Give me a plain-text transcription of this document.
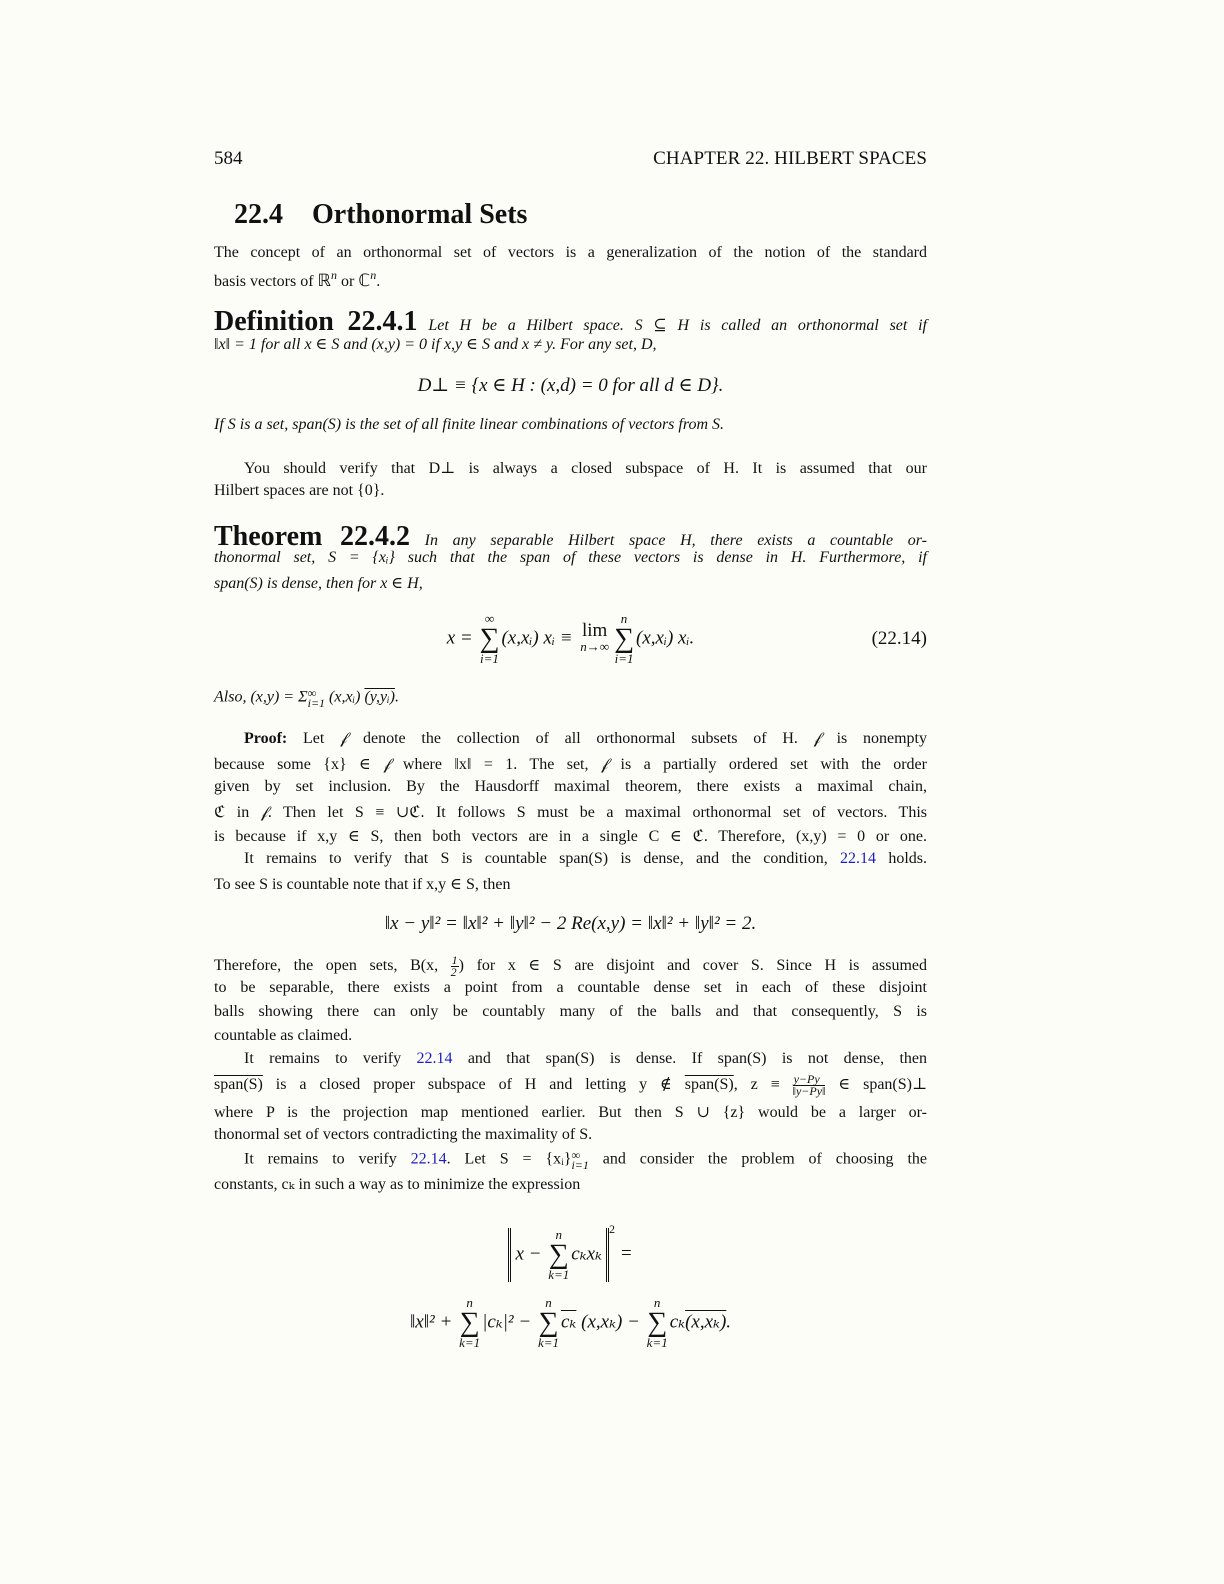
584	CHAPTER 22. HILBERT SPACES
22.4 Orthonormal Sets
The concept of an orthonormal set of vectors is a generalization of the notion of the standard
basis vectors of ℝ$^n$ or ℂ$^n$.
Definition 22.4.1 Let H be a Hilbert space. S ⊆ H is called an orthonormal set if
‖x‖ = 1 for all x ∈ S and (x,y) = 0 if x,y ∈ S and x ≠ y. For any set, D,
D⊥ ≡ {x ∈ H : (x,d) = 0 for all d ∈ D}.
If S is a set, span(S) is the set of all finite linear combinations of vectors from S.
You should verify that D⊥ is always a closed subspace of H. It is assumed that our
Hilbert spaces are not {0}.
Theorem 22.4.2 In any separable Hilbert space H, there exists a countable or-
thonormal set, S = {xᵢ} such that the span of these vectors is dense in H. Furthermore, if
span(S) is dense, then for x ∈ H,
x =
∞
∑
i=1
(x,xᵢ) xᵢ ≡ lim
n→∞
n
∑
i=1
(x,xᵢ) xᵢ.	(22.14)
Also, (x,y) = Σ ∞
i=1 (x,xᵢ) (y,yᵢ).
Proof: Let 𝒻 denote the collection of all orthonormal subsets of H. 𝒻 is nonempty
because some {x} ∈ 𝒻 where ‖x‖ = 1. The set, 𝒻 is a partially ordered set with the order
given by set inclusion. By the Hausdorff maximal theorem, there exists a maximal chain,
ℭ in 𝒻. Then let S ≡ ∪ℭ. It follows S must be a maximal orthonormal set of vectors. This
is because if x,y ∈ S, then both vectors are in a single C ∈ ℭ. Therefore, (x,y) = 0 or one.
It remains to verify that S is countable span(S) is dense, and the condition, 22.14 holds.
To see S is countable note that if x,y ∈ S, then
‖x − y‖² = ‖x‖² + ‖y‖² − 2 Re(x,y) = ‖x‖² + ‖y‖² = 2.
Therefore, the open sets, B(x, $\frac{1}{2}$ ) for x ∈ S are disjoint and cover S. Since H is assumed
to be separable, there exists a point from a countable dense set in each of these disjoint
balls showing there can only be countably many of the balls and that consequently, S is
countable as claimed.
It remains to verify 22.14 and that span(S) is dense. If span(S) is not dense, then
span(S) is a closed proper subspace of H and letting y ∉ span(S), $z \equiv \frac{y-Py}{‖y-Py‖}$ ∈ span(S)⊥
where P is the projection map mentioned earlier. But then S ∪ {z} would be a larger or-
thonormal set of vectors contradicting the maximality of S.
It remains to verify 22.14. Let S = {xᵢ} ∞
i=1 and consider the problem of choosing the
constants, cₖ in such a way as to minimize the expression
x −
n
∑
k=1
cₖxₖ$^2$ =
‖x‖² +
n
∑
k=1
|cₖ|² −
n
∑
k=1
$\overline{c_k}$ (x,xₖ) −
n
∑
k=1
cₖ(x,xₖ).
